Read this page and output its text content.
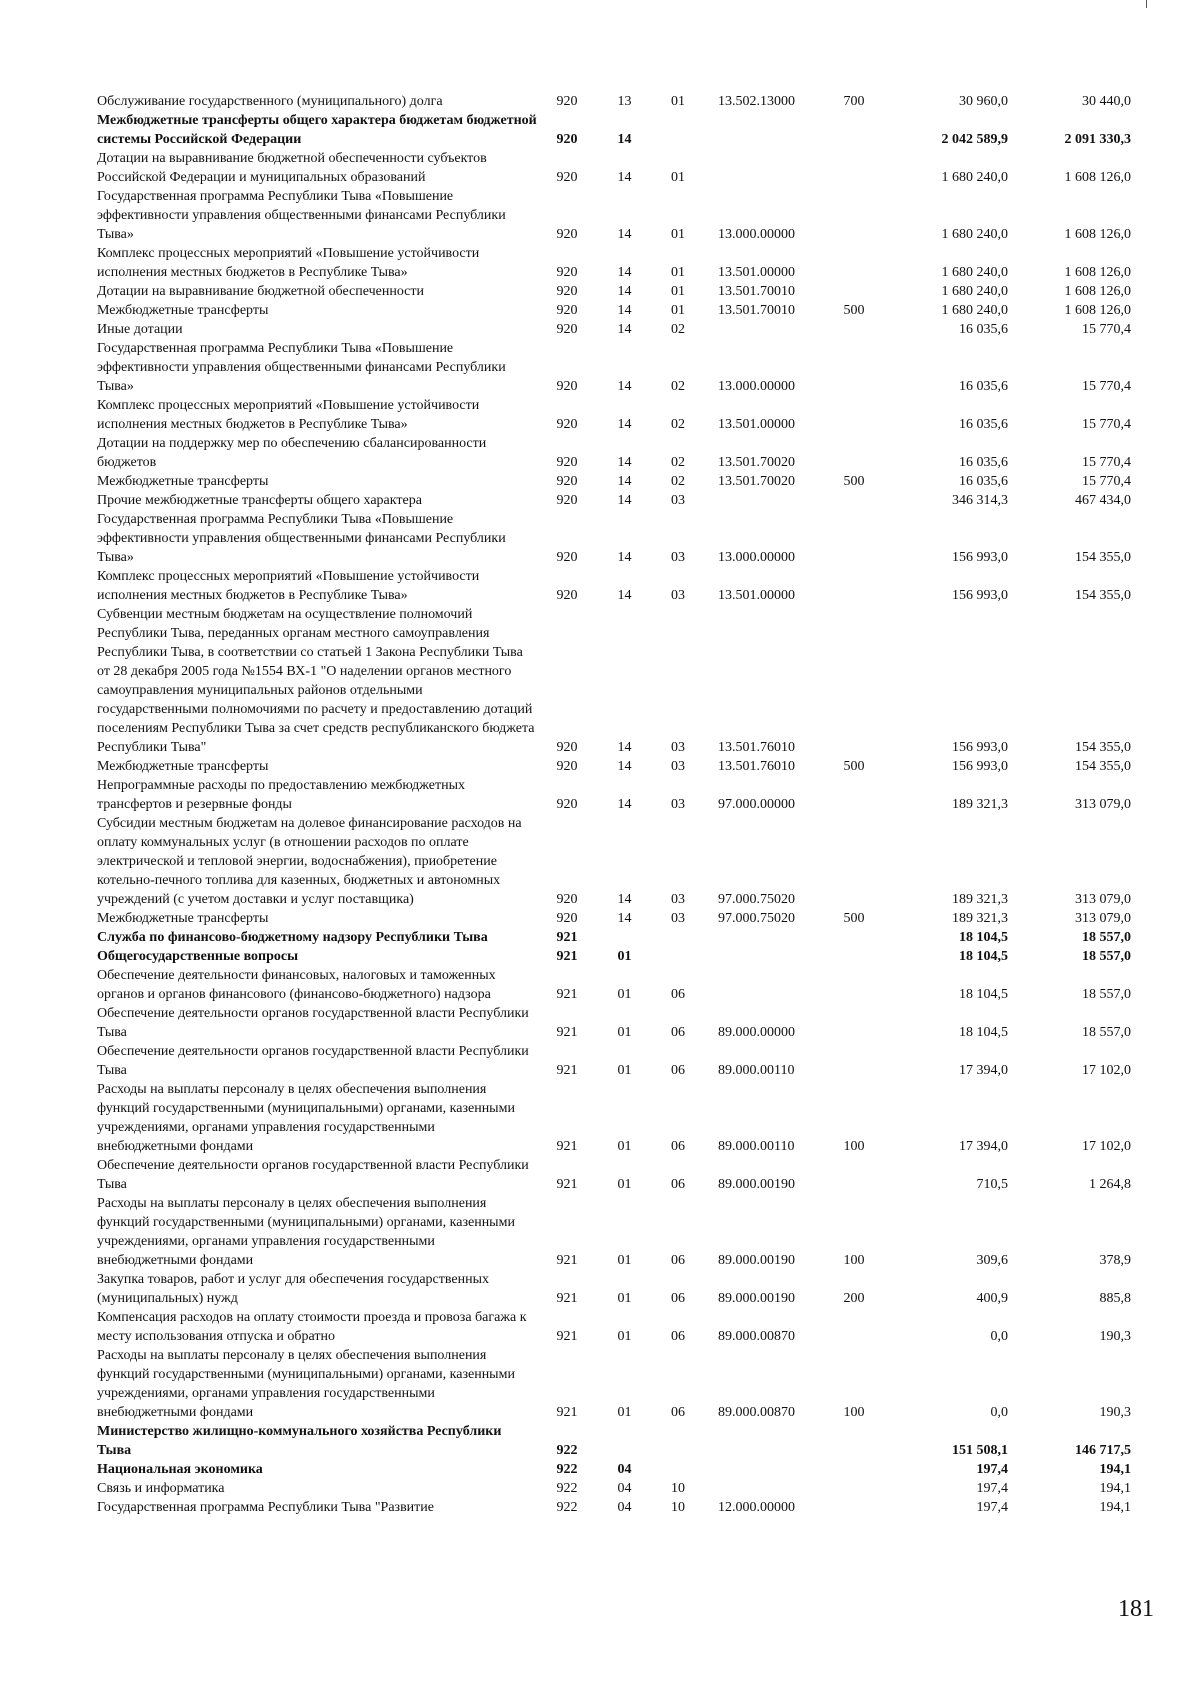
Обслуживание государственного (муниципального) долга	920	13	01	13.502.13000	700	30 960,0	30 440,0
Межбюджетные трансферты общего характера бюджетам бюджетной системы Российской Федерации	920	14				2 042 589,9	2 091 330,3
Дотации на выравнивание бюджетной обеспеченности субъектов Российской Федерации и муниципальных образований	920	14	01			1 680 240,0	1 608 126,0
Государственная программа Республики Тыва «Повышение эффективности управления общественными финансами Республики Тыва»	920	14	01	13.000.00000		1 680 240,0	1 608 126,0
Комплекс процессных мероприятий «Повышение устойчивости исполнения местных бюджетов в Республике Тыва»	920	14	01	13.501.00000		1 680 240,0	1 608 126,0
Дотации на выравнивание бюджетной обеспеченности	920	14	01	13.501.70010		1 680 240,0	1 608 126,0
Межбюджетные трансферты	920	14	01	13.501.70010	500	1 680 240,0	1 608 126,0
Иные дотации	920	14	02			16 035,6	15 770,4
Государственная программа Республики Тыва «Повышение эффективности управления общественными финансами Республики Тыва»	920	14	02	13.000.00000		16 035,6	15 770,4
Комплекс процессных мероприятий «Повышение устойчивости исполнения местных бюджетов в Республике Тыва»	920	14	02	13.501.00000		16 035,6	15 770,4
Дотации на поддержку мер по обеспечению сбалансированности бюджетов	920	14	02	13.501.70020		16 035,6	15 770,4
Межбюджетные трансферты	920	14	02	13.501.70020	500	16 035,6	15 770,4
Прочие межбюджетные трансферты общего характера	920	14	03			346 314,3	467 434,0
Государственная программа Республики Тыва «Повышение эффективности управления общественными финансами Республики Тыва»	920	14	03	13.000.00000		156 993,0	154 355,0
Комплекс процессных мероприятий «Повышение устойчивости исполнения местных бюджетов в Республике Тыва»	920	14	03	13.501.00000		156 993,0	154 355,0
Субвенции местным бюджетам на осуществление полномочий Республики Тыва, переданных органам местного самоуправления Республики Тыва, в соответствии со статьей 1 Закона Республики Тыва от 28 декабря 2005 года №1554 ВХ-1 "О наделении органов местного самоуправления муниципальных районов отдельными государственными полномочиями по расчету и предоставлению дотаций поселениям Республики Тыва за счет средств республиканского бюджета Республики Тыва"	920	14	03	13.501.76010		156 993,0	154 355,0
Межбюджетные трансферты	920	14	03	13.501.76010	500	156 993,0	154 355,0
Непрограммные расходы по предоставлению межбюджетных трансфертов и резервные фонды	920	14	03	97.000.00000		189 321,3	313 079,0
Субсидии местным бюджетам на долевое финансирование расходов на оплату коммунальных услуг (в отношении расходов по оплате электрической и тепловой энергии, водоснабжения), приобретение котельно-печного топлива для казенных, бюджетных и автономных учреждений (с учетом доставки и услуг поставщика)	920	14	03	97.000.75020		189 321,3	313 079,0
Межбюджетные трансферты	920	14	03	97.000.75020	500	189 321,3	313 079,0
Служба по финансово-бюджетному надзору Республики Тыва	921					18 104,5	18 557,0
Общегосударственные вопросы	921	01				18 104,5	18 557,0
Обеспечение деятельности финансовых, налоговых и таможенных органов и органов финансового (финансово-бюджетного) надзора	921	01	06			18 104,5	18 557,0
Обеспечение деятельности органов государственной власти Республики Тыва	921	01	06	89.000.00000		18 104,5	18 557,0
Обеспечение деятельности органов государственной власти Республики Тыва	921	01	06	89.000.00110		17 394,0	17 102,0
Расходы на выплаты персоналу в целях обеспечения выполнения функций государственными (муниципальными) органами, казенными учреждениями, органами управления государственными внебюджетными фондами	921	01	06	89.000.00110	100	17 394,0	17 102,0
Обеспечение деятельности органов государственной власти Республики Тыва	921	01	06	89.000.00190		710,5	1 264,8
Расходы на выплаты персоналу в целях обеспечения выполнения функций государственными (муниципальными) органами, казенными учреждениями, органами управления государственными внебюджетными фондами	921	01	06	89.000.00190	100	309,6	378,9
Закупка товаров, работ и услуг для обеспечения государственных (муниципальных) нужд	921	01	06	89.000.00190	200	400,9	885,8
Компенсация расходов на оплату стоимости проезда и провоза багажа к месту использования отпуска и обратно	921	01	06	89.000.00870		0,0	190,3
Расходы на выплаты персоналу в целях обеспечения выполнения функций государственными (муниципальными) органами, казенными учреждениями, органами управления государственными внебюджетными фондами	921	01	06	89.000.00870	100	0,0	190,3
Министерство жилищно-коммунального хозяйства Республики Тыва	922					151 508,1	146 717,5
Национальная экономика	922	04				197,4	194,1
Связь и информатика	922	04	10			197,4	194,1
Государственная программа Республики Тыва "Развитие	922	04	10	12.000.00000		197,4	194,1
181
